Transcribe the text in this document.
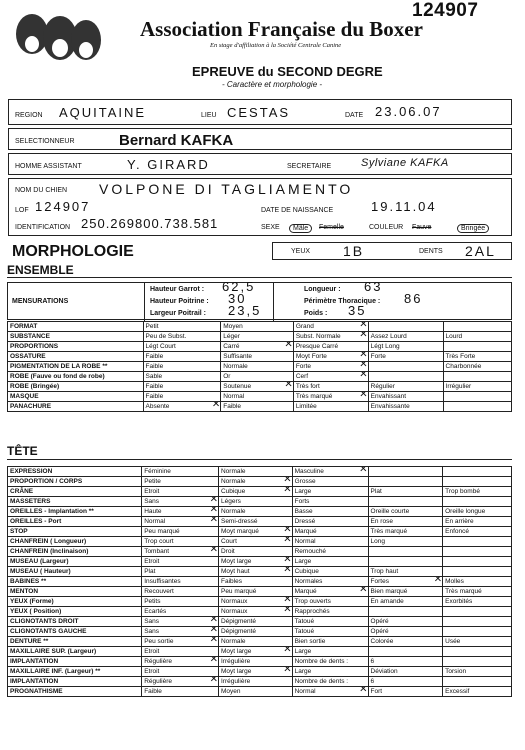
124907
Association Française du Boxer
En stage d'affiliation à la Société Centrale Canine
EPREUVE du SECOND DEGRE
- Caractère et morphologie -
REGION AQUITAINE	LIEU CESTAS	DATE 23.06.07
SELECTIONNEUR	Bernard KAFKA
HOMME ASSISTANT	Y. GIRARD	SECRETAIRE	Sylviane KAFKA
NOM DU CHIEN VOLPONE DI TAGLIAMENTO
LOF 124907	DATE DE NAISSANCE	19.11.04
IDENTIFICATION 250.269800.738.581	SEXE	Mâle	Femelle	COULEUR Fauve	Bringée
MORPHOLOGIE	YEUX 1B	DENTS 2AL
ENSEMBLE
MENSURATIONS
Hauteur Garrot : 62,5
Hauteur Poitrine : 30
Largeur Poitrail : 23,5
Longueur : 63
Périmètre Thoracique : 86
Poids : 35
FORMAT	Petit	Moyen	Grand ✕		
SUBSTANCE	Peu de Subst.	Léger	Subst. Normale ✕	Assez Lourd	Lourd
PROPORTIONS	Légt Court	Carré ✕	Presque Carré	Légt Long	
OSSATURE	Faible	Suffisante	Moyt Forte ✕	Forte	Très Forte
PIGMENTATION DE LA ROBE **	Faible	Normale	Forte ✕		Charbonnée
ROBE (Fauve ou fond de robe)	Sable	Or	Cerf ✕		
ROBE (Bringée)	Faible	Soutenue ✕	Très fort	Régulier	Irrégulier
MASQUE	Faible	Normal	Très marqué ✕	Envahissant	
PANACHURE	Absente ✕	Faible	Limitée	Envahissante	
TÊTE
EXPRESSION	Féminine	Normale	Masculine ✕		
PROPORTION / CORPS	Petite	Normale ✕	Grosse		
CRÂNE	Etroit	Cubique ✕	Large	Plat	Trop bombé
MASSETERS	Sans ✕	Légers	Forts		
OREILLES - Implantation **	Haute ✕	Normale	Basse	Oreille courte	Oreille longue
OREILLES - Port	Normal ✕	Semi-dressé	Dressé	En rose	En arrière
STOP	Peu marqué	Moyt marqué ✕	Marqué	Très marqué	Enfoncé
CHANFREIN ( Longueur)	Trop court	Court ✕	Normal	Long	
CHANFREIN (Inclinaison)	Tombant ✕	Droit	Remouché		
MUSEAU (Largeur)	Etroit	Moyt large ✕	Large		
MUSEAU ( Hauteur)	Plat	Moyt haut ✕	Cubique	Trop haut	
BABINES **	Insuffisantes	Faibles	Normales	Fortes ✕	Molles
MENTON	Recouvert	Peu marqué	Marqué ✕	Bien marqué	Très marqué
YEUX (Forme)	Petits	Normaux ✕	Trop ouverts	En amande	Exorbités
YEUX ( Position)	Ecartés	Normaux ✕	Rapprochés		
CLIGNOTANTS DROIT	Sans ✕	Dépigmenté	Tatoué	Opéré	
CLIGNOTANTS GAUCHE	Sans ✕	Dépigmenté	Tatoué	Opéré	
DENTURE **	Peu sortie ✕	Normale	Bien sortie	Colorée	Usée
MAXILLAIRE SUP. (Largeur)	Etroit	Moyt large ✕	Large		
IMPLANTATION	Régulière ✕	Irrégulière	Nombre de dents :	6	
MAXILLAIRE INF. (Largeur) **	Etroit	Moyt large ✕	Large	Déviation	Torsion
IMPLANTATION	Régulière ✕	Irrégulière	Nombre de dents :	6	
PROGNATHISME	Faible	Moyen	Normal ✕	Fort	Excessif
